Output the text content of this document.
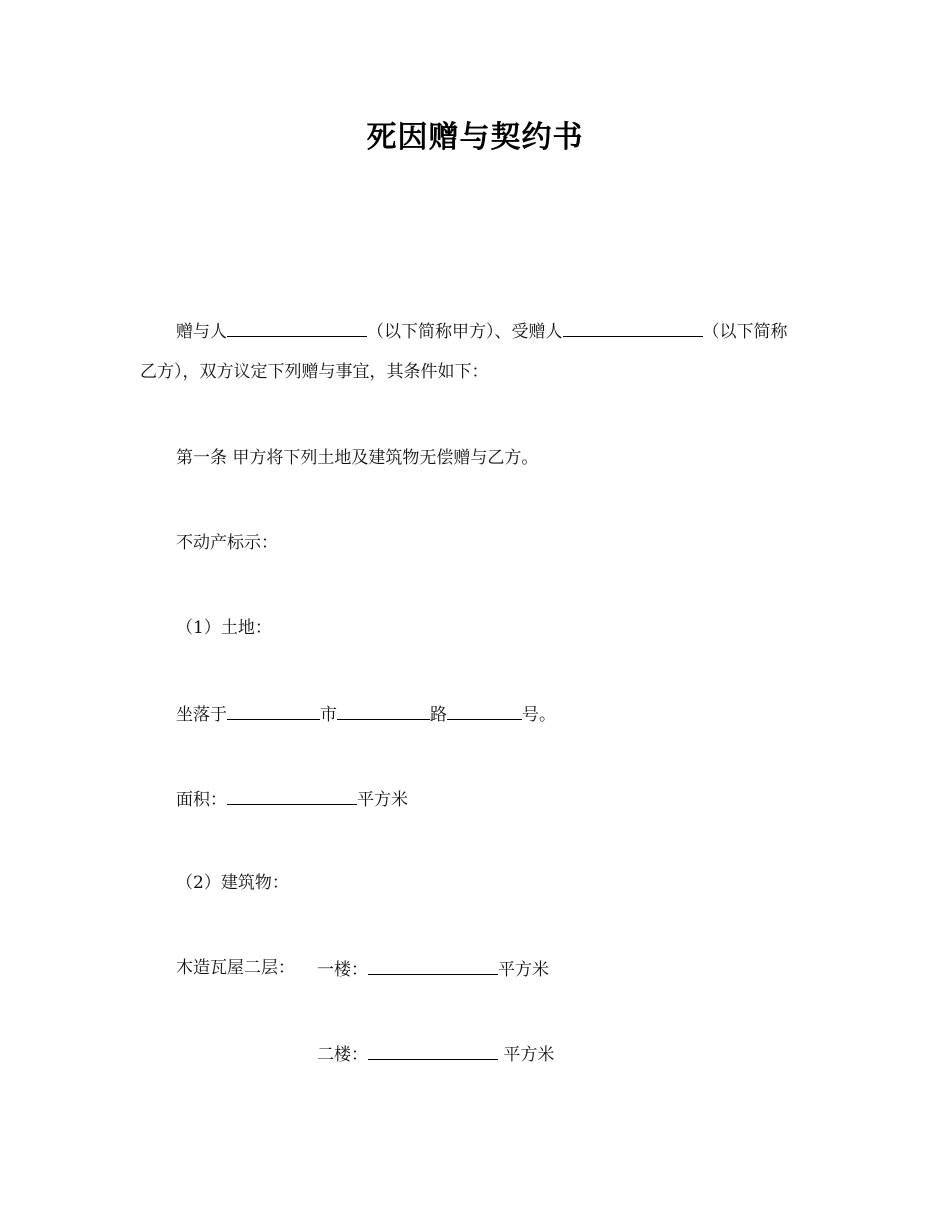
死因赠与契约书
赠与人	（以下简称甲方）、受赠人	（以下简称
乙方），双方议定下列赠与事宜，其条件如下：
第一条 甲方将下列土地及建筑物无偿赠与乙方。
不动产标示：
（1）土地：
坐落于	市	路	号。
面积：	平方米
（2）建筑物：
木造瓦屋二层： 一楼：	平方米
二楼：	平方米
